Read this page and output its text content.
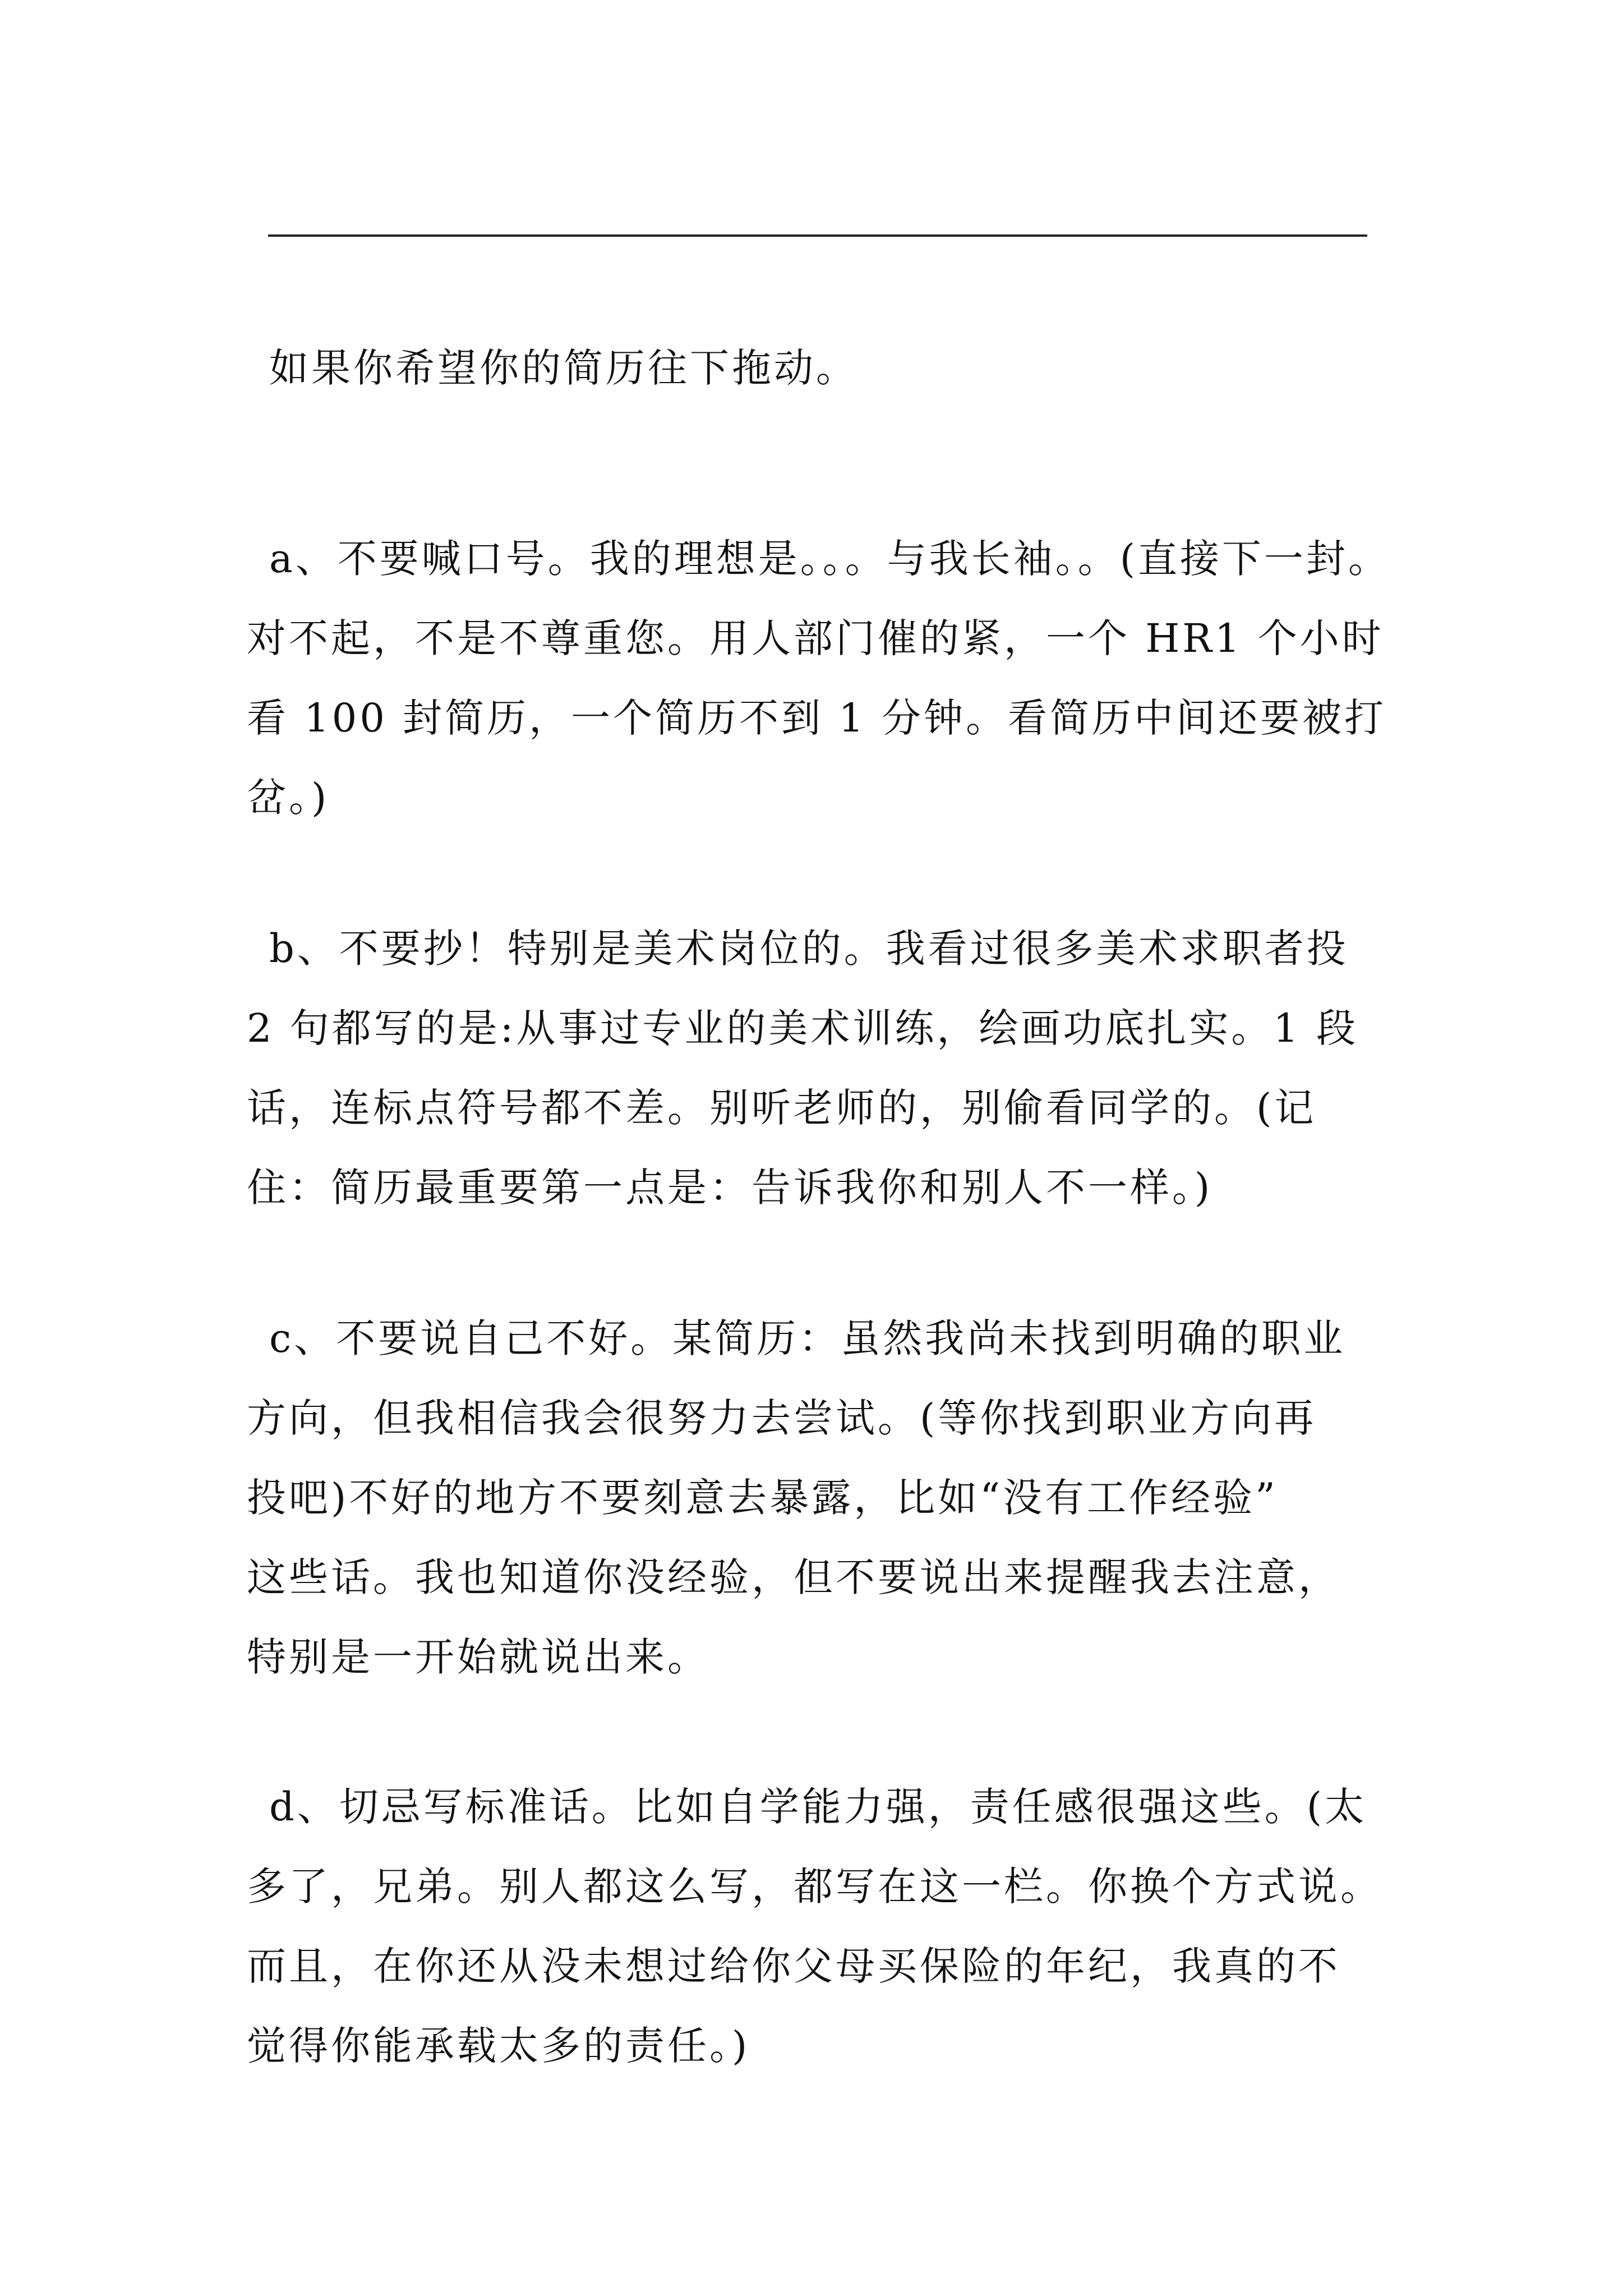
如果你希望你的简历往下拖动。

a、不要喊口号。我的理想是。。。与我长袖。。(直接下一封。
对不起，不是不尊重您。用人部门催的紧，一个 HR1 个小时
看 100 封简历，一个简历不到 1 分钟。看简历中间还要被打
岔。)

b、不要抄！特别是美术岗位的。我看过很多美术求职者投
2 句都写的是:从事过专业的美术训练，绘画功底扎实。1 段
话，连标点符号都不差。别听老师的，别偷看同学的。(记
住：简历最重要第一点是：告诉我你和别人不一样。)

c、不要说自己不好。某简历：虽然我尚未找到明确的职业
方向，但我相信我会很努力去尝试。(等你找到职业方向再
投吧)不好的地方不要刻意去暴露，比如“没有工作经验”
这些话。我也知道你没经验，但不要说出来提醒我去注意，
特别是一开始就说出来。

d、切忌写标准话。比如自学能力强，责任感很强这些。(太
多了，兄弟。别人都这么写，都写在这一栏。你换个方式说。
而且，在你还从没未想过给你父母买保险的年纪，我真的不
觉得你能承载太多的责任。)
